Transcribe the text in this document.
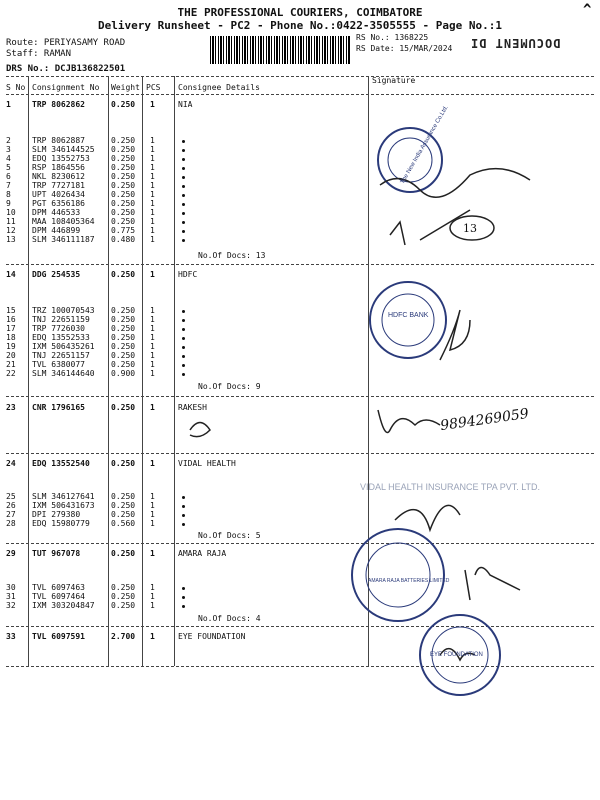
THE PROFESSIONAL COURIERS, COIMBATORE
Delivery Runsheet - PC2 - Phone No.:0422-3505555 - Page No.:1
^
Route: PERIYASAMY ROAD
Staff: RAMAN
DRS No.: DCJB136822501
RS No.: 1368225
RS Date: 15/MAR/2024 DOCUMENT DI
S No Consignment No Weight PCS Consignee Details
Signature
1	TRP 8062862	0.250 1	NIA
2	TRP 8062887	0.250 1
3	SLM 346144525 0.250 1
4	EDQ 13552753	0.250 1
5	RSP 1864556	0.250 1
6	NKL 8230612	0.250 1
7	TRP 7727181	0.250 1
8	UPT 4026434	0.250 1
9	PGT 6356186	0.250 1
10 DPM 446533	0.250 1
11 MAA 108405364 0.250 1
12 DPM 446899	0.775 1
13 SLM 346111187 0.480 1
No.Of Docs: 13
14 DDG 254535	0.250 1	HDFC
15 TRZ 100070543 0.250 1
16 TNJ 22651159	0.250 1
17 TRP 7726030	0.250 1
18 EDQ 13552533	0.250 1
19 IXM 506435261 0.250 1
20 TNJ 22651157	0.250 1
21 TVL 6380077	0.250 1
22 SLM 346144640 0.900 1
No.Of Docs: 9
23 CNR 1796165	0.250 1	RAKESH
24 EDQ 13552540	0.250 1	VIDAL HEALTH
25 SLM 346127641 0.250 1
26 IXM 506431673 0.250 1
27 DPI 279380	0.250 1
28 EDQ 15980779	0.560 1
No.Of Docs: 5
29 TUT 967078	0.250 1	AMARA RAJA
30 TVL 6097463	0.250 1
31 TVL 6097464	0.250 1
32 IXM 303204847 0.250 1
No.Of Docs: 4
33 TVL 6097591	2.700 1	EYE FOUNDATION
VIDAL HEALTH INSURANCE TPA PVT. LTD.
The New India Assurance Co.Ltd.
HDFC BANK
AMARA RAJA BATTERIES LIMITED
EYE FOUNDATION
13
9894269059
